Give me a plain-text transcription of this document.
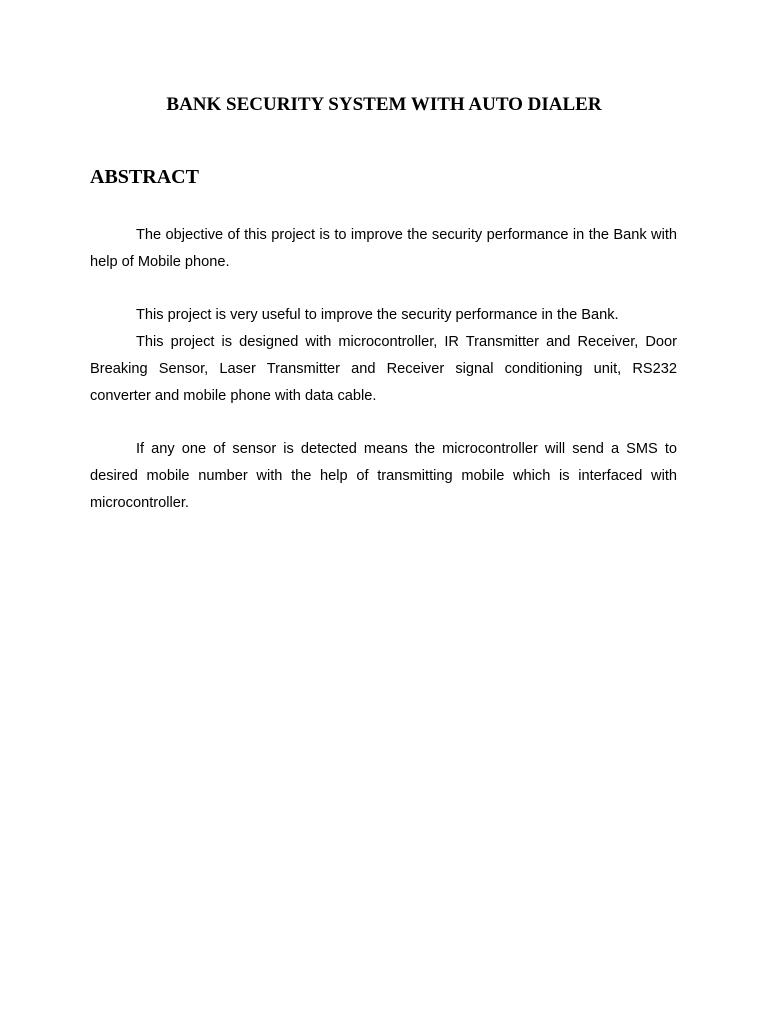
BANK SECURITY SYSTEM WITH AUTO DIALER
ABSTRACT

The objective of this project is to improve the security performance in the Bank with help of Mobile phone.

This project is very useful to improve the security performance in the Bank.

This project is designed with microcontroller, IR Transmitter and Receiver, Door Breaking Sensor, Laser Transmitter and Receiver signal conditioning unit, RS232 converter and mobile phone with data cable.

If any one of sensor is detected means the microcontroller will send a SMS to desired mobile number with the help of transmitting mobile which is interfaced with microcontroller.
